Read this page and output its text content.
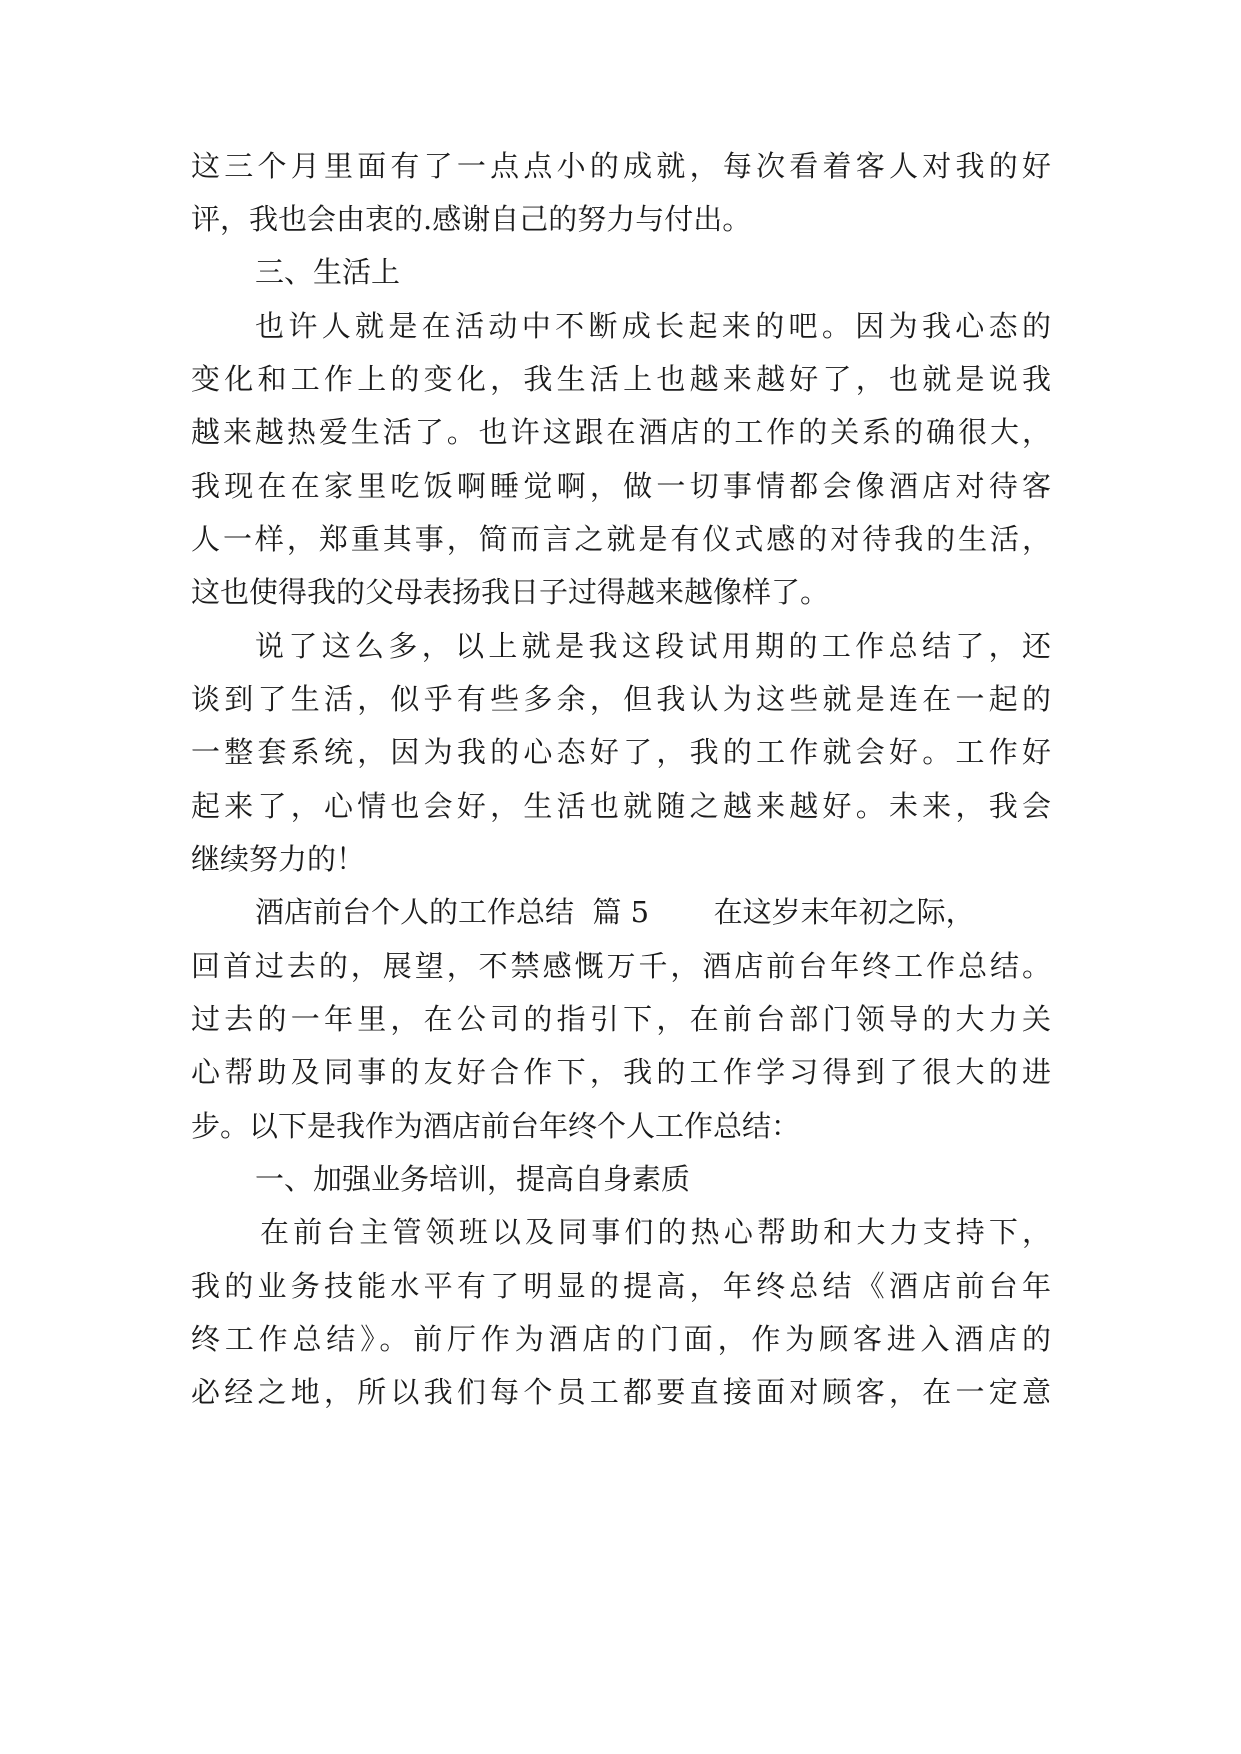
这三个月里面有了一点点小的成就，每次看着客人对我的好
评，我也会由衷的.感谢自己的努力与付出。
三、生活上
也许人就是在活动中不断成长起来的吧。因为我心态的
变化和工作上的变化，我生活上也越来越好了，也就是说我
越来越热爱生活了。也许这跟在酒店的工作的关系的确很大，
我现在在家里吃饭啊睡觉啊，做一切事情都会像酒店对待客
人一样，郑重其事，简而言之就是有仪式感的对待我的生活，
这也使得我的父母表扬我日子过得越来越像样了。
说了这么多，以上就是我这段试用期的工作总结了，还
谈到了生活，似乎有些多余，但我认为这些就是连在一起的
一整套系统，因为我的心态好了，我的工作就会好。工作好
起来了，心情也会好，生活也就随之越来越好。未来，我会
继续努力的！
酒店前台个人的工作总结  篇 5       在这岁末年初之际，
回首过去的，展望，不禁感慨万千，酒店前台年终工作总结。
过去的一年里，在公司的指引下，在前台部门领导的大力关
心帮助及同事的友好合作下，我的工作学习得到了很大的进
步。以下是我作为酒店前台年终个人工作总结：
一、加强业务培训，提高自身素质
在前台主管领班以及同事们的热心帮助和大力支持下，
我的业务技能水平有了明显的提高，年终总结《酒店前台年
终工作总结》。前厅作为酒店的门面，作为顾客进入酒店的
必经之地，所以我们每个员工都要直接面对顾客，在一定意
